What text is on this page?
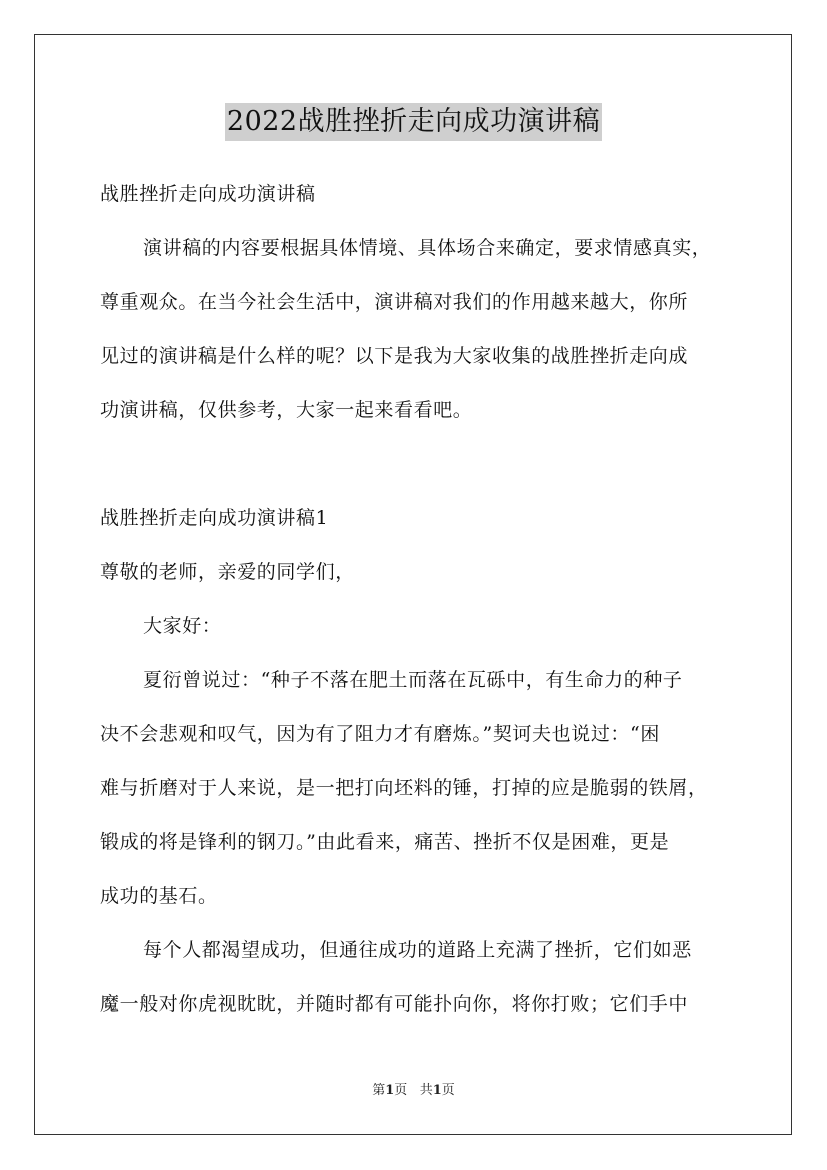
2022战胜挫折走向成功演讲稿
战胜挫折走向成功演讲稿
演讲稿的内容要根据具体情境、具体场合来确定，要求情感真实，
尊重观众。在当今社会生活中，演讲稿对我们的作用越来越大，你所
见过的演讲稿是什么样的呢？以下是我为大家收集的战胜挫折走向成
功演讲稿，仅供参考，大家一起来看看吧。
战胜挫折走向成功演讲稿1
尊敬的老师，亲爱的同学们，
大家好：
夏衍曾说过：“种子不落在肥土而落在瓦砾中，有生命力的种子
决不会悲观和叹气，因为有了阻力才有磨炼。”契诃夫也说过：“困
难与折磨对于人来说，是一把打向坯料的锤，打掉的应是脆弱的铁屑，
锻成的将是锋利的钢刀。”由此看来，痛苦、挫折不仅是困难，更是
成功的基石。
每个人都渴望成功，但通往成功的道路上充满了挫折，它们如恶
魔一般对你虎视眈眈，并随时都有可能扑向你，将你打败；它们手中
第1页   共1页
